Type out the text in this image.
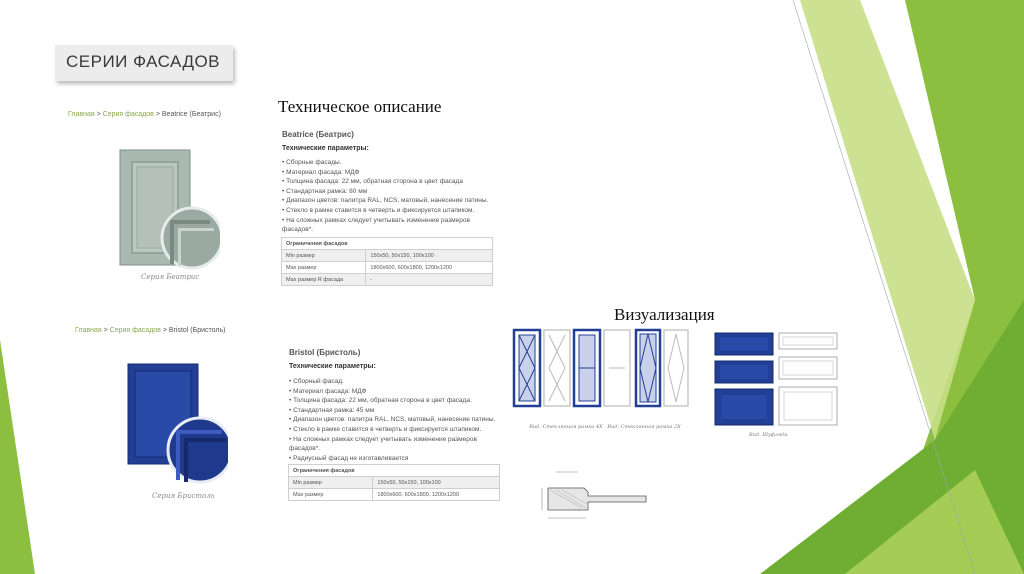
СЕРИИ ФАСАДОВ
Техническое описание
Визуализация
Главная > Серия фасадов > Beatrice (Беатрис)
Серия Беатрис
Beatrice (Беатрис)
Технические параметры:
• Сборные фасады.
• Материал фасада: МДФ
• Толщина фасада: 22 мм, обратная сторона в цвет фасада
• Стандартная рамка: 80 мм
• Диапазон цветов: палитра RAL, NCS, матовый, нанесение патины.
• Стекло в рамке ставится в четверть и фиксируется штапиком.
• На сложных рамках следует учитывать изменение размеров
фасадов*.
Ограничения фасадов	
Min размер	150x50, 50x150, 100x100
Max размер	1800x600, 600x1800, 1200x1200
Max размер R фасада	-
Главная > Серия фасадов > Bristol (Бристоль)
Серия Бристоль
Bristol (Бристоль)
Технические параметры:
• Сборный фасад.
• Материал фасада: МДФ
• Толщина фасада: 22 мм, обратная сторона в цвет фасада.
• Стандартная рамка: 45 мм
• Диапазон цветов: палитра RAL, NCS, матовый, нанесение патины.
• Стекло в рамке ставится в четверть и фиксируется штапиком.
• На сложных рамках следует учитывать изменение размеров
фасадов*.
• Радиусный фасад не изготавливается
Ограничения фасадов	
Min размер	150x50, 50x150, 100x100
Max размер	1800x600, 600x1800, 1200x1200
Вид. Стеклянная рамка 4Х Вид. Стеклянная рамка 2Х
Вид. Шуфляда
